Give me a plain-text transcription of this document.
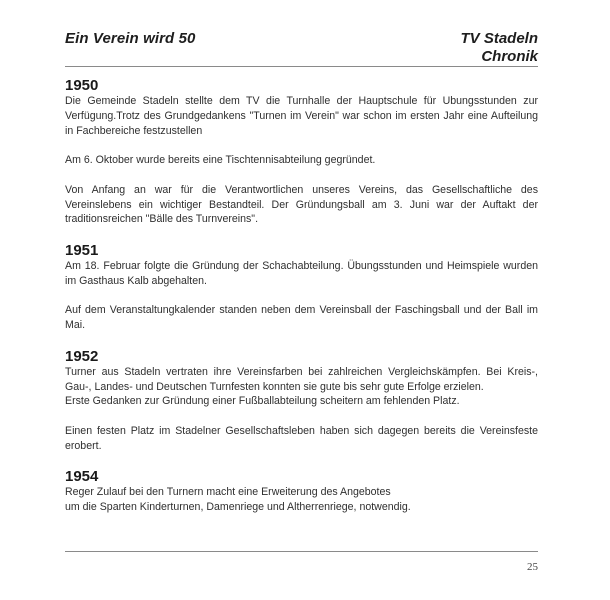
Ein Verein wird 50	TV Stadeln
Chronik
1950

Die Gemeinde Stadeln stellte dem TV die Turnhalle der Hauptschule für Ubungsstunden zur Verfügung.Trotz des Grundgedankens "Turnen im Verein" war schon im ersten Jahr eine Aufteilung in Fachbereiche festzustellen

Am 6. Oktober wurde bereits eine Tischtennisabteilung gegründet.

Von Anfang an war für die Verantwortlichen unseres Vereins, das Gesellschaftliche des Vereinslebens ein wichtiger Bestandteil. Der Gründungsball am 3. Juni war der Auftakt der traditionsreichen "Bälle des Turnvereins".

1951

Am 18. Februar folgte die Gründung der Schachabteilung. Übungsstunden und Heimspiele wurden im Gasthaus Kalb abgehalten.

Auf dem Veranstaltungkalender standen neben dem Vereinsball der Faschingsball und der Ball im Mai.

1952

Turner aus Stadeln vertraten ihre Vereinsfarben bei zahlreichen Vergleichskämpfen. Bei Kreis-, Gau-, Landes- und Deutschen Turnfesten konnten sie gute bis sehr gute Erfolge erzielen.

Erste Gedanken zur Gründung einer Fußballabteilung scheitern am fehlenden Platz.

Einen festen Platz im Stadelner Gesellschaftsleben haben sich dagegen bereits die Vereinsfeste erobert.

1954

Reger Zulauf bei den Turnern macht eine Erweiterung des Angebotes

um die Sparten Kinderturnen, Damenriege und Altherrenriege, notwendig.

25
